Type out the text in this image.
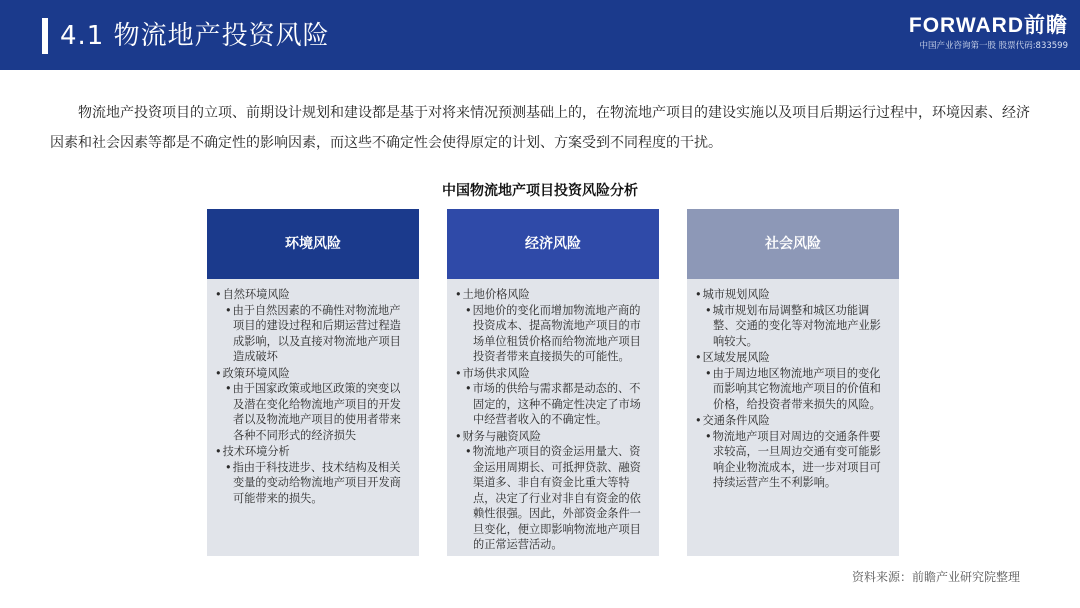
4.1 物流地产投资风险	FORWARD前瞻
中国产业咨询第一股 股票代码:833599

物流地产投资项目的立项、前期设计规划和建设都是基于对将来情况预测基础上的，在物流地产项目的建设实施以及项目后期运行过程中，环境因素、经济因素和社会因素等都是不确定性的影响因素，而这些不确定性会使得原定的计划、方案受到不同程度的干扰。

中国物流地产项目投资风险分析
环境风险
• 自然环境风险
• 由于自然因素的不确性对物流地产项目的建设过程和后期运营过程造成影响，以及直接对物流地产项目造成破坏
• 政策环境风险
• 由于国家政策或地区政策的突变以及潜在变化给物流地产项目的开发者以及物流地产项目的使用者带来各种不同形式的经济损失
• 技术环境分析
• 指由于科技进步、技术结构及相关变量的变动给物流地产项目开发商可能带来的损失。
经济风险
• 土地价格风险
• 因地价的变化而增加物流地产商的投资成本、提高物流地产项目的市场单位租赁价格而给物流地产项目投资者带来直接损失的可能性。
• 市场供求风险
• 市场的供给与需求都是动态的、不固定的，这种不确定性决定了市场中经营者收入的不确定性。
• 财务与融资风险
• 物流地产项目的资金运用量大、资金运用周期长、可抵押贷款、融资渠道多、非自有资金比重大等特点，决定了行业对非自有资金的依赖性很强。因此，外部资金条件一旦变化，便立即影响物流地产项目的正常运营活动。
社会风险
• 城市规划风险
• 城市规划布局调整和城区功能调整、交通的变化等对物流地产业影响较大。
• 区域发展风险
• 由于周边地区物流地产项目的变化而影响其它物流地产项目的价值和价格，给投资者带来损失的风险。
• 交通条件风险
• 物流地产项目对周边的交通条件要求较高，一旦周边交通有变可能影响企业物流成本，进一步对项目可持续运营产生不利影响。
资料来源：前瞻产业研究院整理
